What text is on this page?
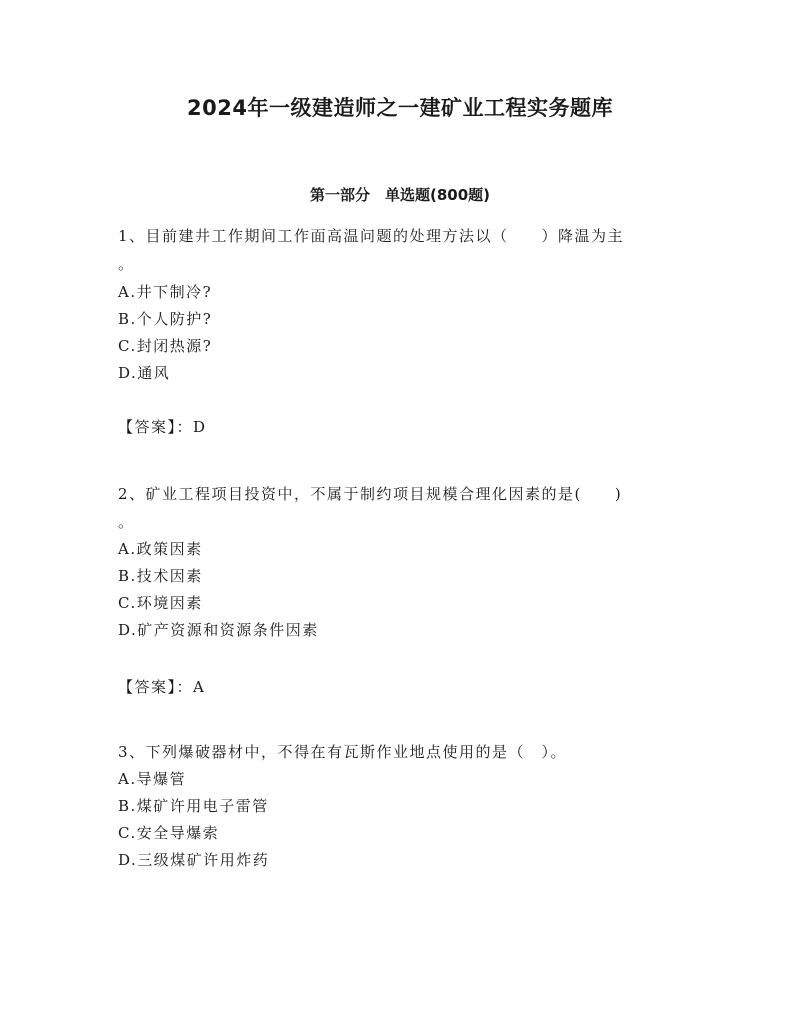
2024年一级建造师之一建矿业工程实务题库
第一部分　单选题(800题)
1、目前建井工作期间工作面高温问题的处理方法以（　　）降温为主
。
A.井下制冷?
B.个人防护?
C.封闭热源?
D.通风
【答案】：D
2、矿业工程项目投资中，不属于制约项目规模合理化因素的是(　　)
。
A.政策因素
B.技术因素
C.环境因素
D.矿产资源和资源条件因素
【答案】：A
3、下列爆破器材中，不得在有瓦斯作业地点使用的是（　）。
A.导爆管
B.煤矿许用电子雷管
C.安全导爆索
D.三级煤矿许用炸药
